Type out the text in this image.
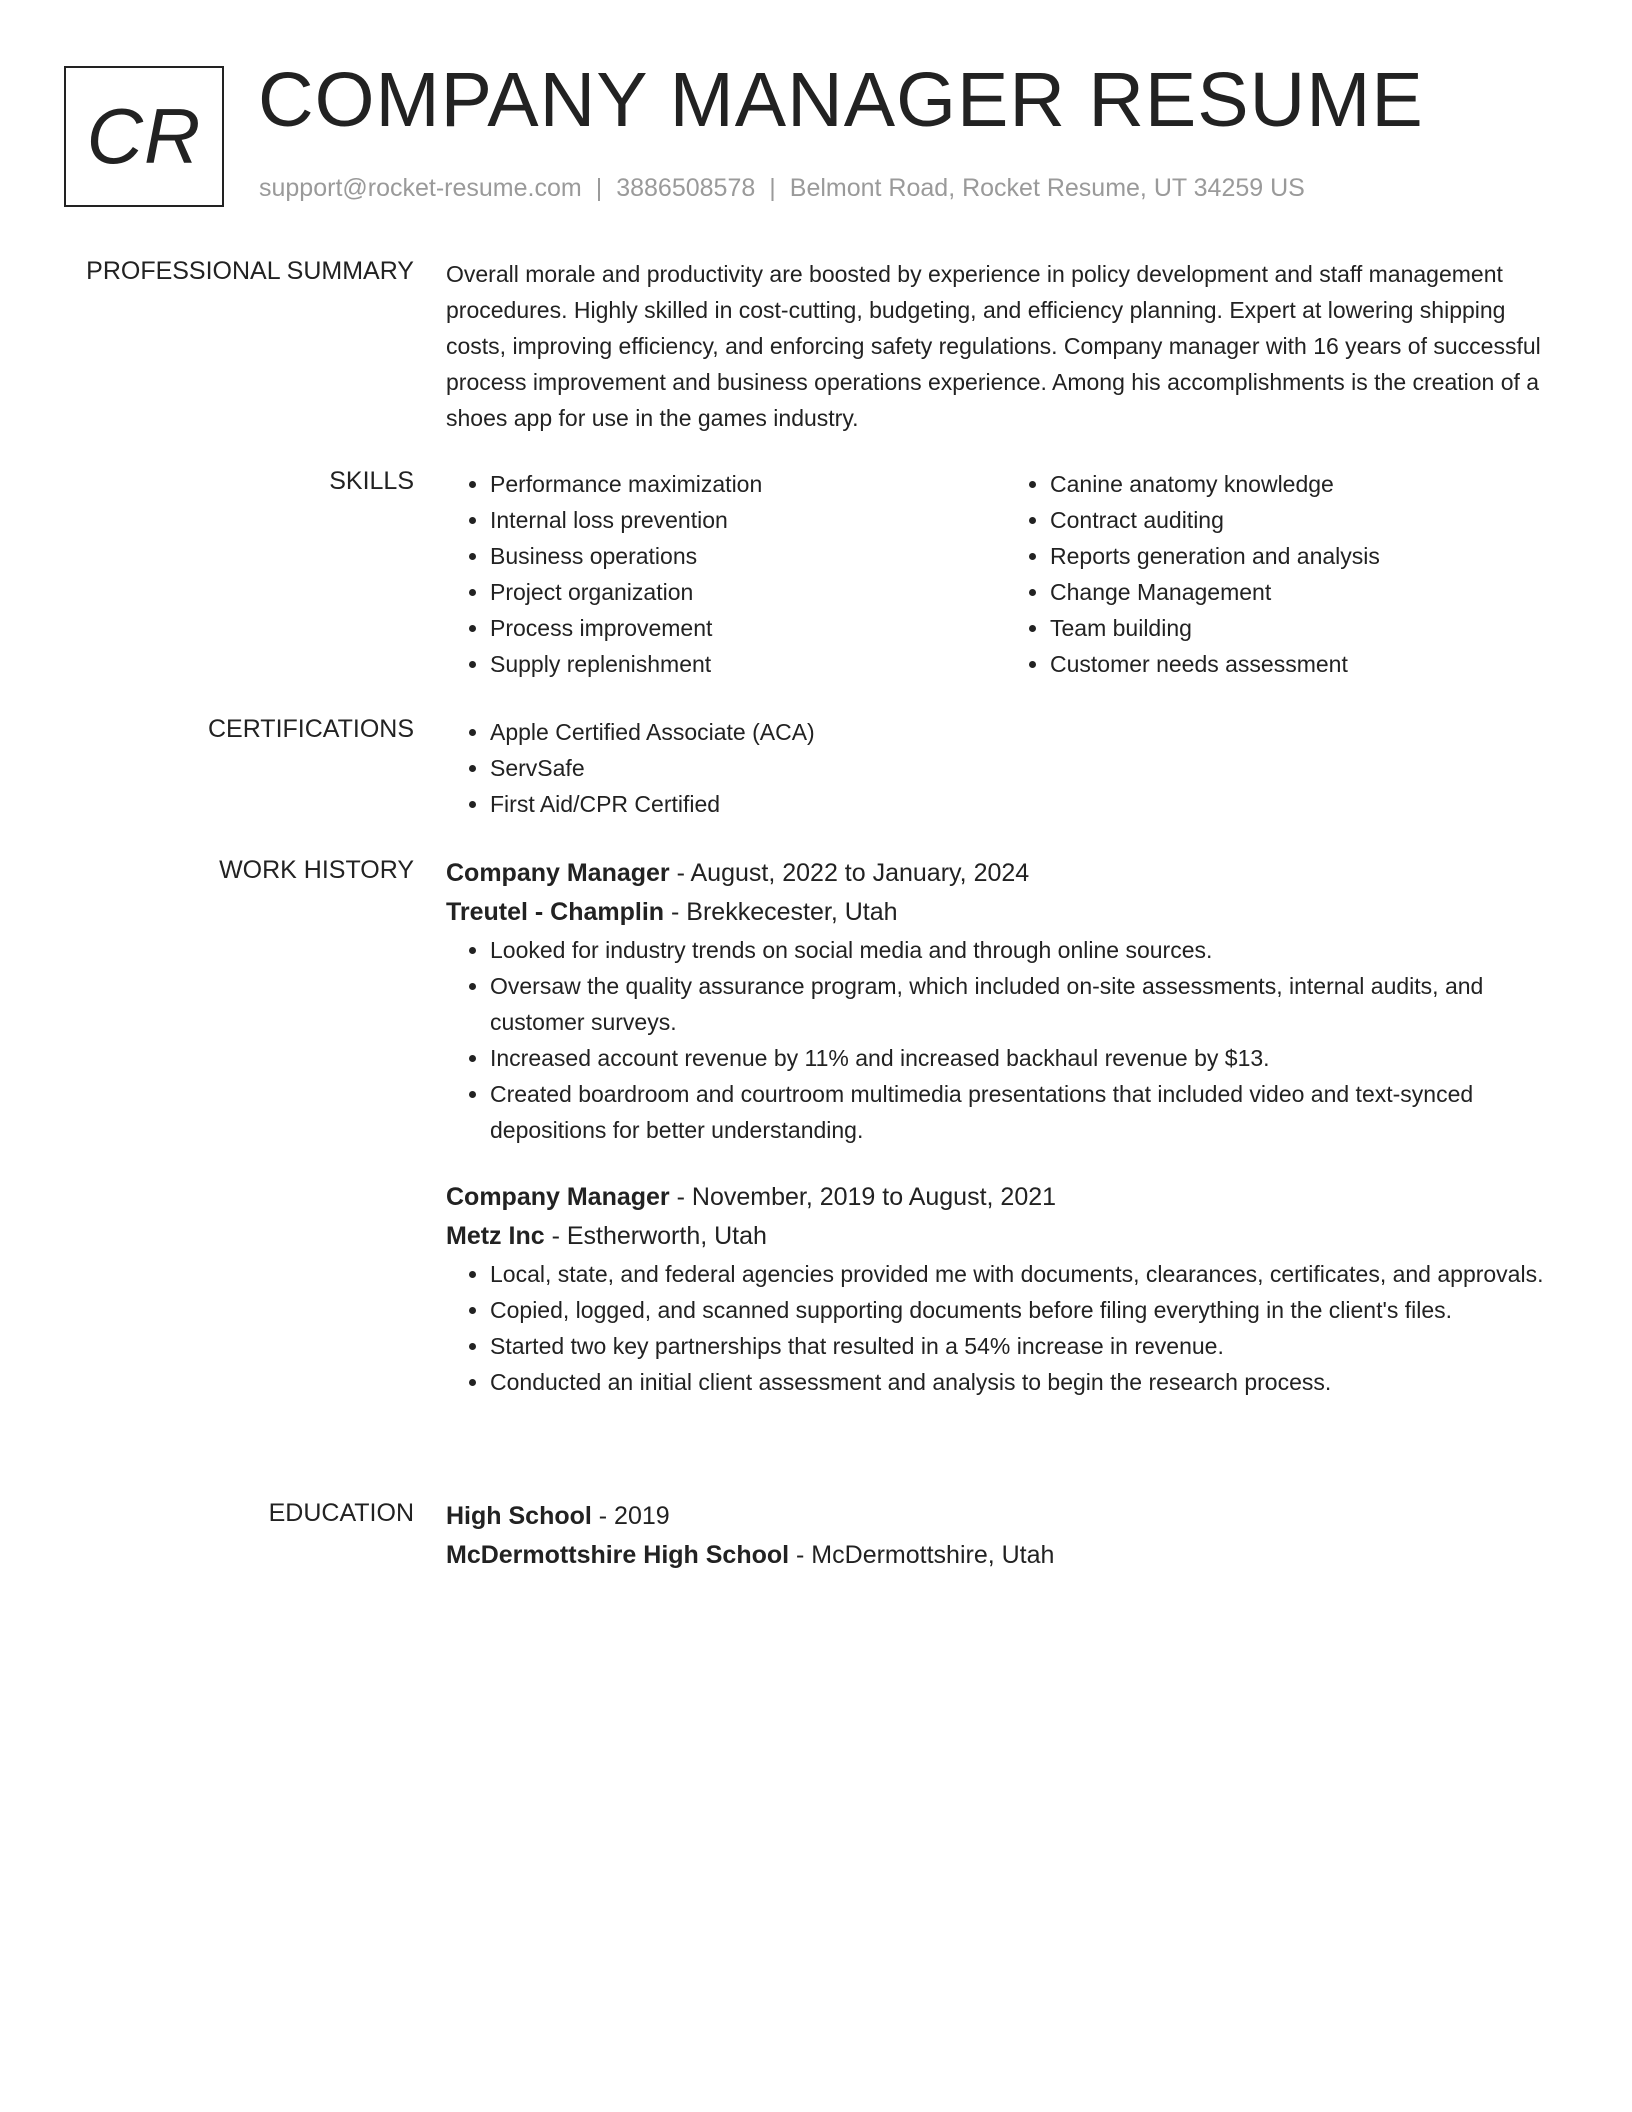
CR COMPANY MANAGER RESUME
support@rocket-resume.com | 3886508578 | Belmont Road, Rocket Resume, UT 34259 US
PROFESSIONAL SUMMARY Overall morale and productivity are boosted by experience in policy development and staff management procedures. Highly skilled in cost-cutting, budgeting, and efficiency planning. Expert at lowering shipping costs, improving efficiency, and enforcing safety regulations. Company manager with 16 years of successful process improvement and business operations experience. Among his accomplishments is the creation of a shoes app for use in the games industry.

SKILLS	• Performance maximization
• Internal loss prevention
• Business operations
• Project organization
• Process improvement
• Supply replenishment
• Canine anatomy knowledge
• Contract auditing
• Reports generation and analysis
• Change Management
• Team building
• Customer needs assessment
CERTIFICATIONS	• Apple Certified Associate (ACA)
• ServSafe
• First Aid/CPR Certified
WORK HISTORY Company Manager - August, 2022 to January, 2024
Treutel - Champlin - Brekkecester, Utah
• Looked for industry trends on social media and through online sources.
• Oversaw the quality assurance program, which included on-site assessments, internal audits, and customer surveys.
• Increased account revenue by 11% and increased backhaul revenue by $13.
• Created boardroom and courtroom multimedia presentations that included video and text-synced depositions for better understanding.
Company Manager - November, 2019 to August, 2021
Metz Inc - Estherworth, Utah
• Local, state, and federal agencies provided me with documents, clearances, certificates, and approvals.
• Copied, logged, and scanned supporting documents before filing everything in the client's files.
• Started two key partnerships that resulted in a 54% increase in revenue.
• Conducted an initial client assessment and analysis to begin the research process.
EDUCATION High School - 2019
McDermottshire High School - McDermottshire, Utah
